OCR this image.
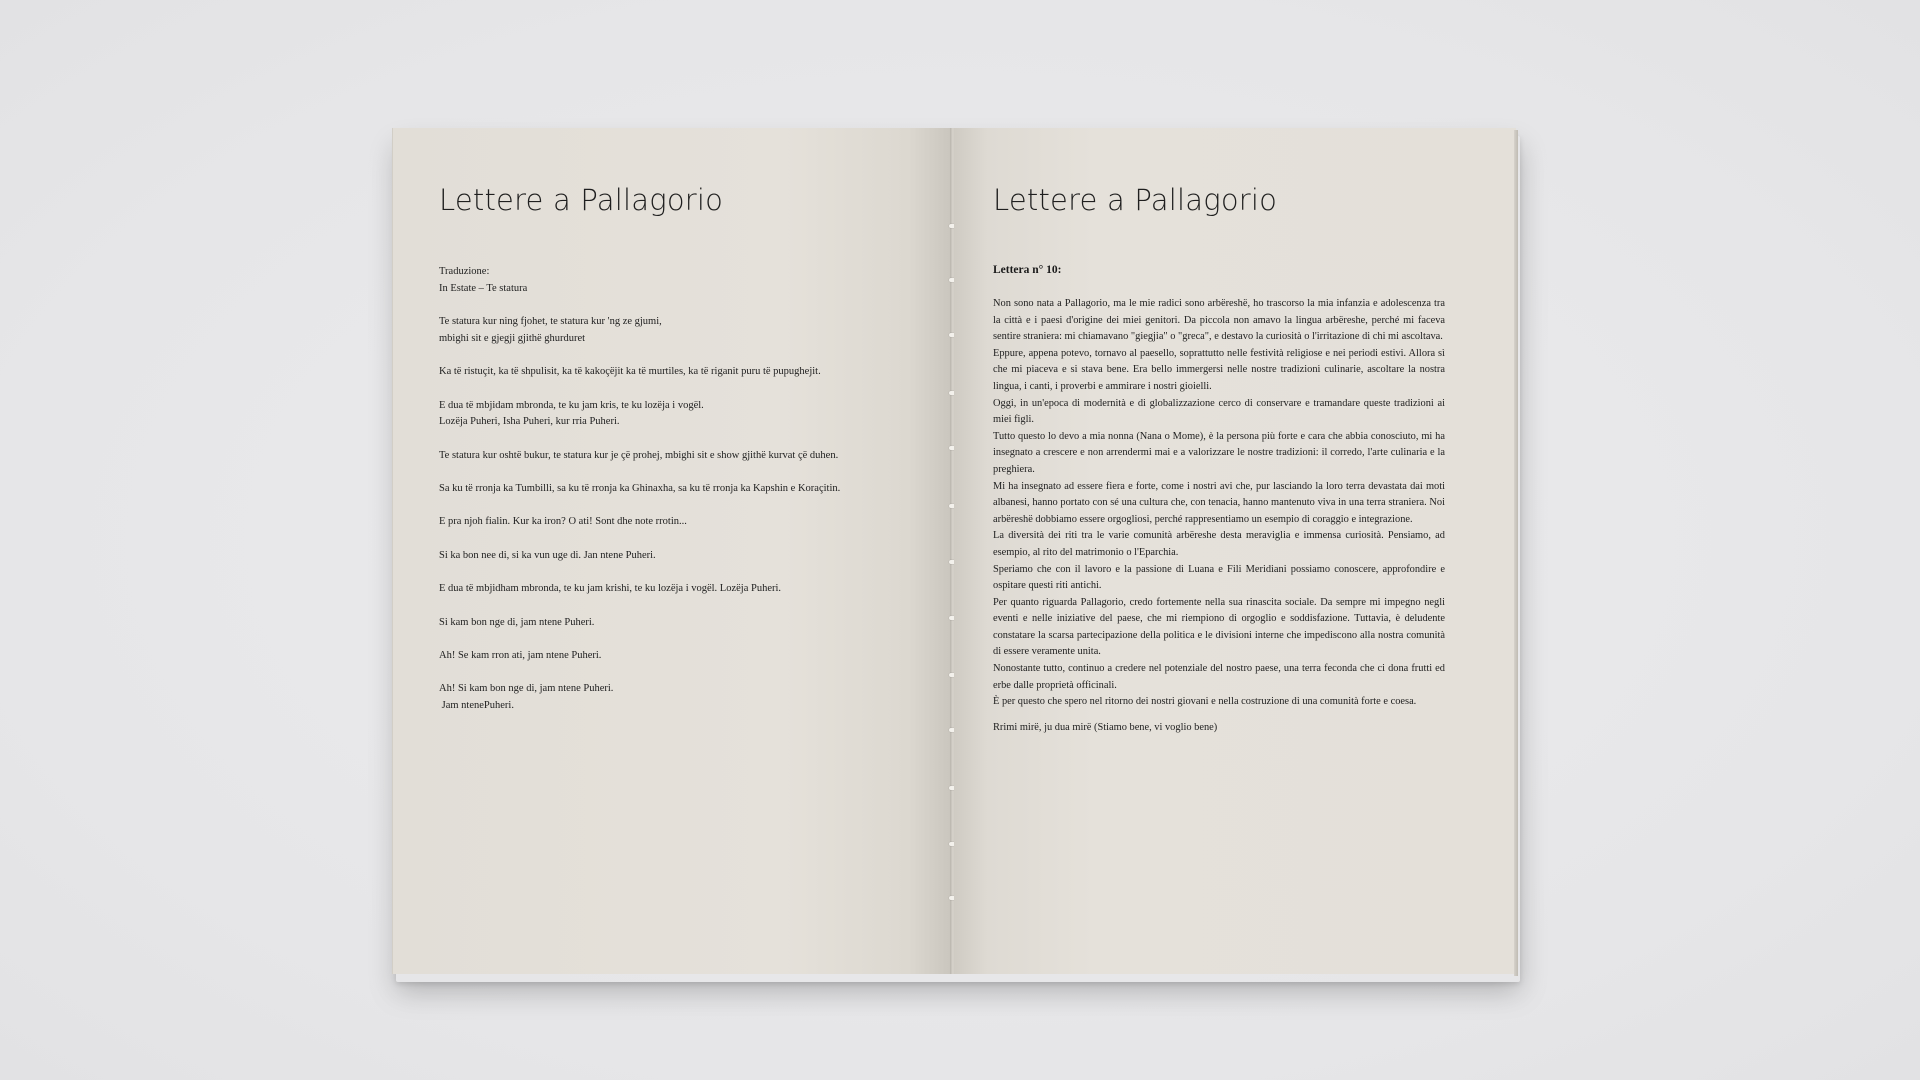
Lettere a Pallagorio

Traduzione:
In Estate – Te statura

Te statura kur ning fjohet, te statura kur 'ng ze gjumi,
mbighi sit e gjegji gjithë ghurduret

Ka të ristuçit, ka të shpulisit, ka të kakoçëjit ka të murtiles, ka të riganit puru të pupughejit.

E dua të mbjidam mbronda, te ku jam kris, te ku lozëja i vogël.
Lozëja Puheri, Isha Puheri, kur rria Puheri.

Te statura kur oshtë bukur, te statura kur je çë prohej, mbighi sit e show gjithë kurvat çë duhen.

Sa ku të rronja ka Tumbilli, sa ku të rronja ka Ghinaxha, sa ku të rronja ka Kapshin e Koraçitin.

E pra njoh fialin. Kur ka iron? O ati! Sont dhe note rrotin...

Si ka bon nee di, si ka vun uge di. Jan ntene Puheri.

E dua të mbjidham mbronda, te ku jam krishi, te ku lozëja i vogël. Lozëja Puheri.

Si kam bon nge di, jam ntene Puheri.

Ah! Se kam rron ati, jam ntene Puheri.

Ah! Si kam bon nge di, jam ntene Puheri.
Jam ntenePuheri.

Lettere a Pallagorio
Lettera n° 10:

Non sono nata a Pallagorio, ma le mie radici sono arbëreshë, ho trascorso la mia infanzia e adolescenza tra la città e i paesi d'origine dei miei genitori. Da piccola non amavo la lingua arbëreshe, perché mi faceva sentire straniera: mi chiamavano "giegjia" o "greca", e destavo la curiosità o l'irritazione di chi mi ascoltava.

Eppure, appena potevo, tornavo al paesello, soprattutto nelle festività religiose e nei periodi estivi. Allora sì che mi piaceva e si stava bene. Era bello immergersi nelle nostre tradizioni culinarie, ascoltare la nostra lingua, i canti, i proverbi e ammirare i nostri gioielli.

Oggi, in un'epoca di modernità e di globalizzazione cerco di conservare e tramandare queste tradizioni ai miei figli.

Tutto questo lo devo a mia nonna (Nana o Mome), è la persona più forte e cara che abbia conosciuto, mi ha insegnato a crescere e non arrendermi mai e a valorizzare le nostre tradizioni: il corredo, l'arte culinaria e la preghiera.

Mi ha insegnato ad essere fiera e forte, come i nostri avi che, pur lasciando la loro terra devastata dai moti albanesi, hanno portato con sé una cultura che, con tenacia, hanno mantenuto viva in una terra straniera. Noi arbëreshë dobbiamo essere orgogliosi, perché rappresentiamo un esempio di coraggio e integrazione.

La diversità dei riti tra le varie comunità arbëreshe desta meraviglia e immensa curiosità. Pensiamo, ad esempio, al rito del matrimonio o l'Eparchia.

Speriamo che con il lavoro e la passione di Luana e Fili Meridiani possiamo conoscere, approfondire e ospitare questi riti antichi.

Per quanto riguarda Pallagorio, credo fortemente nella sua rinascita sociale. Da sempre mi impegno negli eventi e nelle iniziative del paese, che mi riempiono di orgoglio e soddisfazione. Tuttavia, è deludente constatare la scarsa partecipazione della politica e le divisioni interne che impediscono alla nostra comunità di essere veramente unita.

Nonostante tutto, continuo a credere nel potenziale del nostro paese, una terra feconda che ci dona frutti ed erbe dalle proprietà officinali.

È per questo che spero nel ritorno dei nostri giovani e nella costruzione di una comunità forte e coesa.

Rrimi mirë, ju dua mirë (Stiamo bene, vi voglio bene)
